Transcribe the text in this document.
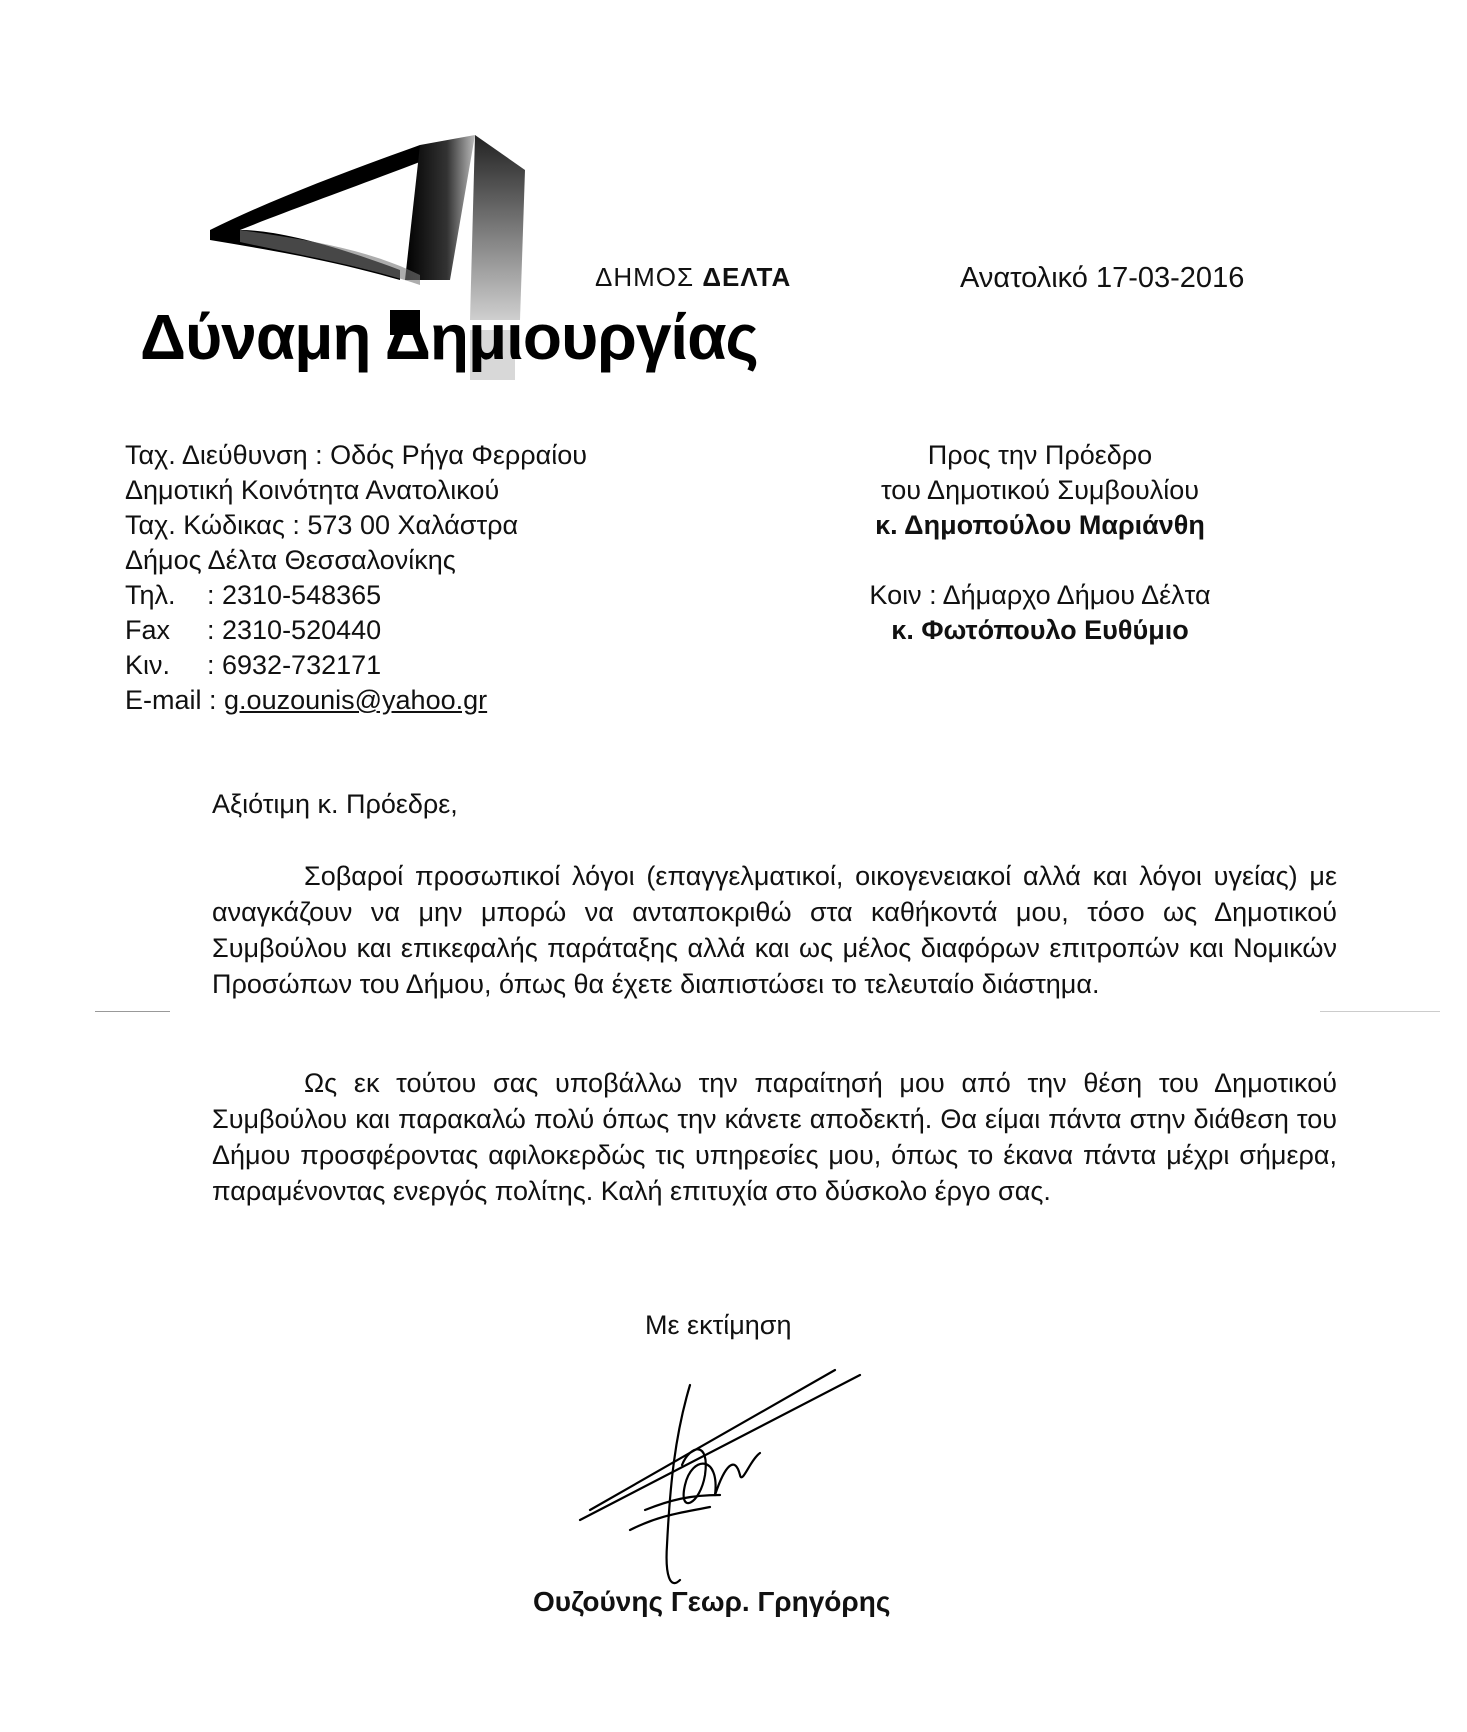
ΔΗΜΟΣ ΔΕΛΤΑ
Δύναμη Δημιουργίας
Ανατολικό 17-03-2016
Ταχ. Διεύθυνση : Οδός Ρήγα Φερραίου
Δημοτική Κοινότητα Ανατολικού
Ταχ. Κώδικας : 573 00 Χαλάστρα
Δήμος Δέλτα Θεσσαλονίκης
Τηλ. : 2310-548365
Fax : 2310-520440
Κιν. : 6932-732171
E-mail : g.ouzounis@yahoo.gr
Προς την Πρόεδρο
του Δημοτικού Συμβουλίου
κ. Δημοπούλου Μαριάνθη
Κοιν : Δήμαρχο Δήμου Δέλτα
κ. Φωτόπουλο Ευθύμιο
Αξιότιμη κ. Πρόεδρε,
Σοβαροί προσωπικοί λόγοι (επαγγελματικοί, οικογενειακοί αλλά και λόγοι υγείας) με αναγκάζουν να μην μπορώ να ανταποκριθώ στα καθήκοντά μου, τόσο ως Δημοτικού Συμβούλου και επικεφαλής παράταξης αλλά και ως μέλος διαφόρων επιτροπών και Νομικών Προσώπων του Δήμου, όπως θα έχετε διαπιστώσει το τελευταίο διάστημα.
Ως εκ τούτου σας υποβάλλω την παραίτησή μου από την θέση του Δημοτικού Συμβούλου και παρακαλώ πολύ όπως την κάνετε αποδεκτή. Θα είμαι πάντα στην διάθεση του Δήμου προσφέροντας αφιλοκερδώς τις υπηρεσίες μου, όπως το έκανα πάντα μέχρι σήμερα, παραμένοντας ενεργός πολίτης. Καλή επιτυχία στο δύσκολο έργο σας.
Με εκτίμηση
Ουζούνης Γεωρ. Γρηγόρης
